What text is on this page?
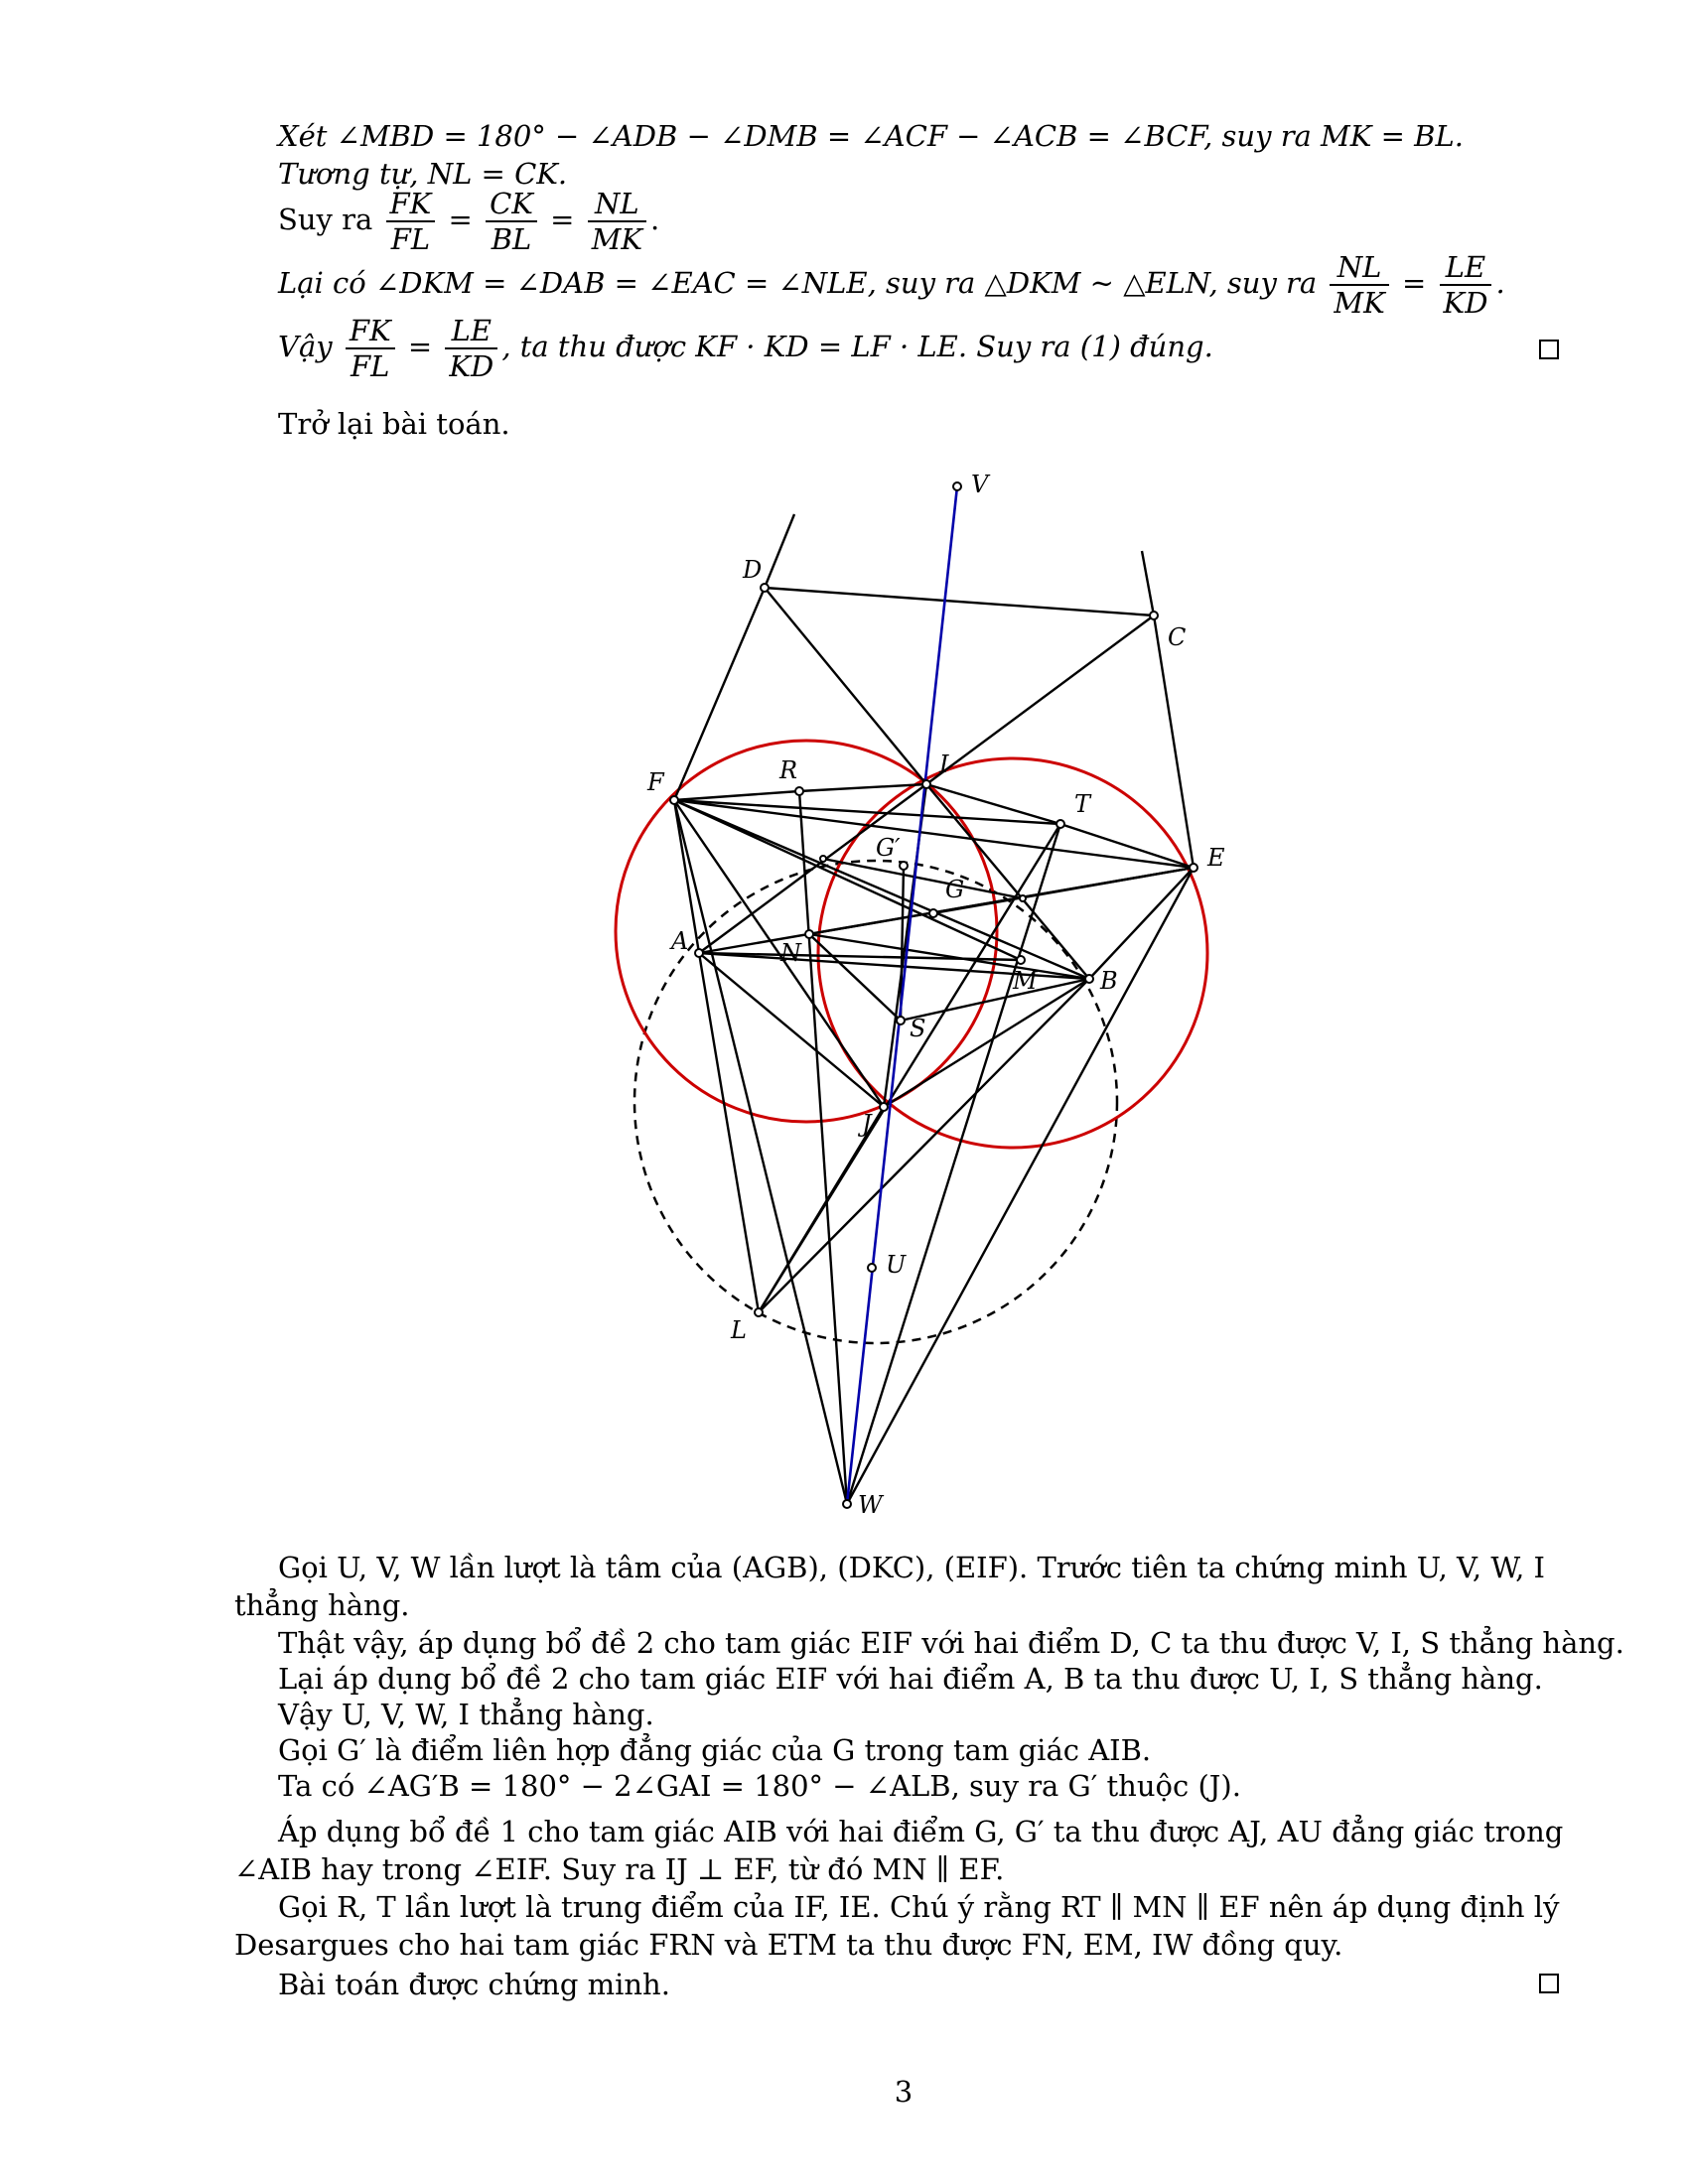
Xét ∠MBD = 180° − ∠ADB − ∠DMB = ∠ACF − ∠ACB = ∠BCF, suy ra MK = BL.
Tương tự, NL = CK.
Suy ra $\frac{FK}{FL} = \frac{CK}{BL} = \frac{NL}{MK}$ .
Lại có ∠DKM = ∠DAB = ∠EAC = ∠NLE, suy ra △DKM ∼ △ELN, suy ra $\frac{NL}{MK} = \frac{LE}{KD}$ .
Vậy $\frac{FK}{FL} = \frac{LE}{KD}$ , ta thu được KF · KD = LF · LE. Suy ra (1) đúng.
Trở lại bài toán.
V
D
C
F	R	I
T
G′
G
E
A	N
M	B
S
J
U
L
W
Gọi U, V, W lần lượt là tâm của (AGB), (DKC), (EIF). Trước tiên ta chứng minh U, V, W, I thẳng hàng.
Thật vậy, áp dụng bổ đề 2 cho tam giác EIF với hai điểm D, C ta thu được V, I, S thẳng hàng.
Lại áp dụng bổ đề 2 cho tam giác EIF với hai điểm A, B ta thu được U, I, S thẳng hàng.
Vậy U, V, W, I thẳng hàng.
Gọi G′ là điểm liên hợp đẳng giác của G trong tam giác AIB.
Ta có ∠AG′B = 180° − 2∠GAI = 180° − ∠ALB, suy ra G′ thuộc (J).
Áp dụng bổ đề 1 cho tam giác AIB với hai điểm G, G′ ta thu được AJ, AU đẳng giác trong ∠AIB hay trong ∠EIF. Suy ra IJ ⊥ EF, từ đó MN ∥ EF.
Gọi R, T lần lượt là trung điểm của IF, IE. Chú ý rằng RT ∥ MN ∥ EF nên áp dụng định lý Desargues cho hai tam giác FRN và ETM ta thu được FN, EM, IW đồng quy.
Bài toán được chứng minh.
3
